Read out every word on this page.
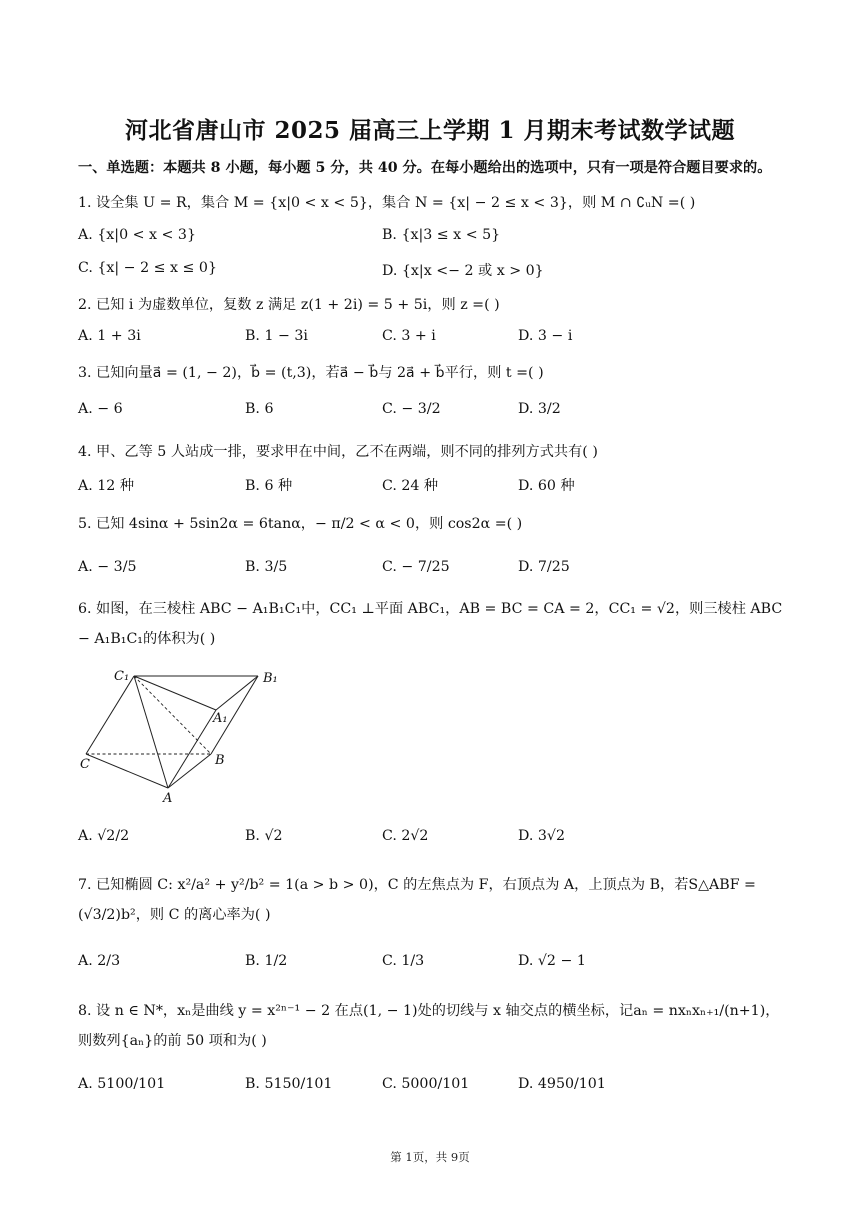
河北省唐山市 2025 届高三上学期 1 月期末考试数学试题
一、单选题：本题共 8 小题，每小题 5 分，共 40 分。在每小题给出的选项中，只有一项是符合题目要求的。
1. 设全集 U = R，集合 M = {x|0 < x < 5}，集合 N = {x| − 2 ≤ x < 3}，则 M ∩ ∁ᵤN =( )
A. {x|0 < x < 3}	B. {x|3 ≤ x < 5}
C. {x| − 2 ≤ x ≤ 0}	D. {x|x <− 2 或 x > 0}
2. 已知 i 为虚数单位，复数 z 满足 z(1 + 2i) = 5 + 5i，则 z =( )
A. 1 + 3i	B. 1 − 3i	C. 3 + i	D. 3 − i
3. 已知向量a⃗ = (1, − 2)，b⃗ = (t,3)，若a⃗ − b⃗与 2a⃗ + b⃗平行，则 t =( )
A. − 6	B. 6	C. − 3/2	D. 3/2
4. 甲、乙等 5 人站成一排，要求甲在中间，乙不在两端，则不同的排列方式共有( )
A. 12 种	B. 6 种	C. 24 种	D. 60 种
5. 已知 4sinα + 5sin2α = 6tanα，− π/2 < α < 0，则 cos2α =( )
A. − 3/5	B. 3/5	C. − 7/25	D. 7/25
6. 如图，在三棱柱 ABC − A₁B₁C₁中，CC₁ ⊥平面 ABC₁，AB = BC = CA = 2，CC₁ = √2，则三棱柱 ABC − A₁B₁C₁的体积为( )
C₁	B₁
A₁
C	B
A
A. √2/2	B. √2	C. 2√2	D. 3√2
7. 已知椭圆 C: x²/a² + y²/b² = 1(a > b > 0)，C 的左焦点为 F，右顶点为 A，上顶点为 B，若S△ABF = (√3/2)b²，则 C 的离心率为( )
A. 2/3	B. 1/2	C. 1/3	D. √2 − 1
8. 设 n ∈ N*，xₙ是曲线 y = x²ⁿ⁻¹ − 2 在点(1, − 1)处的切线与 x 轴交点的横坐标，记aₙ = nxₙxₙ₊₁/(n+1)，则数列{aₙ}的前 50 项和为( )
A. 5100/101	B. 5150/101	C. 5000/101	D. 4950/101
第 1页，共 9页
